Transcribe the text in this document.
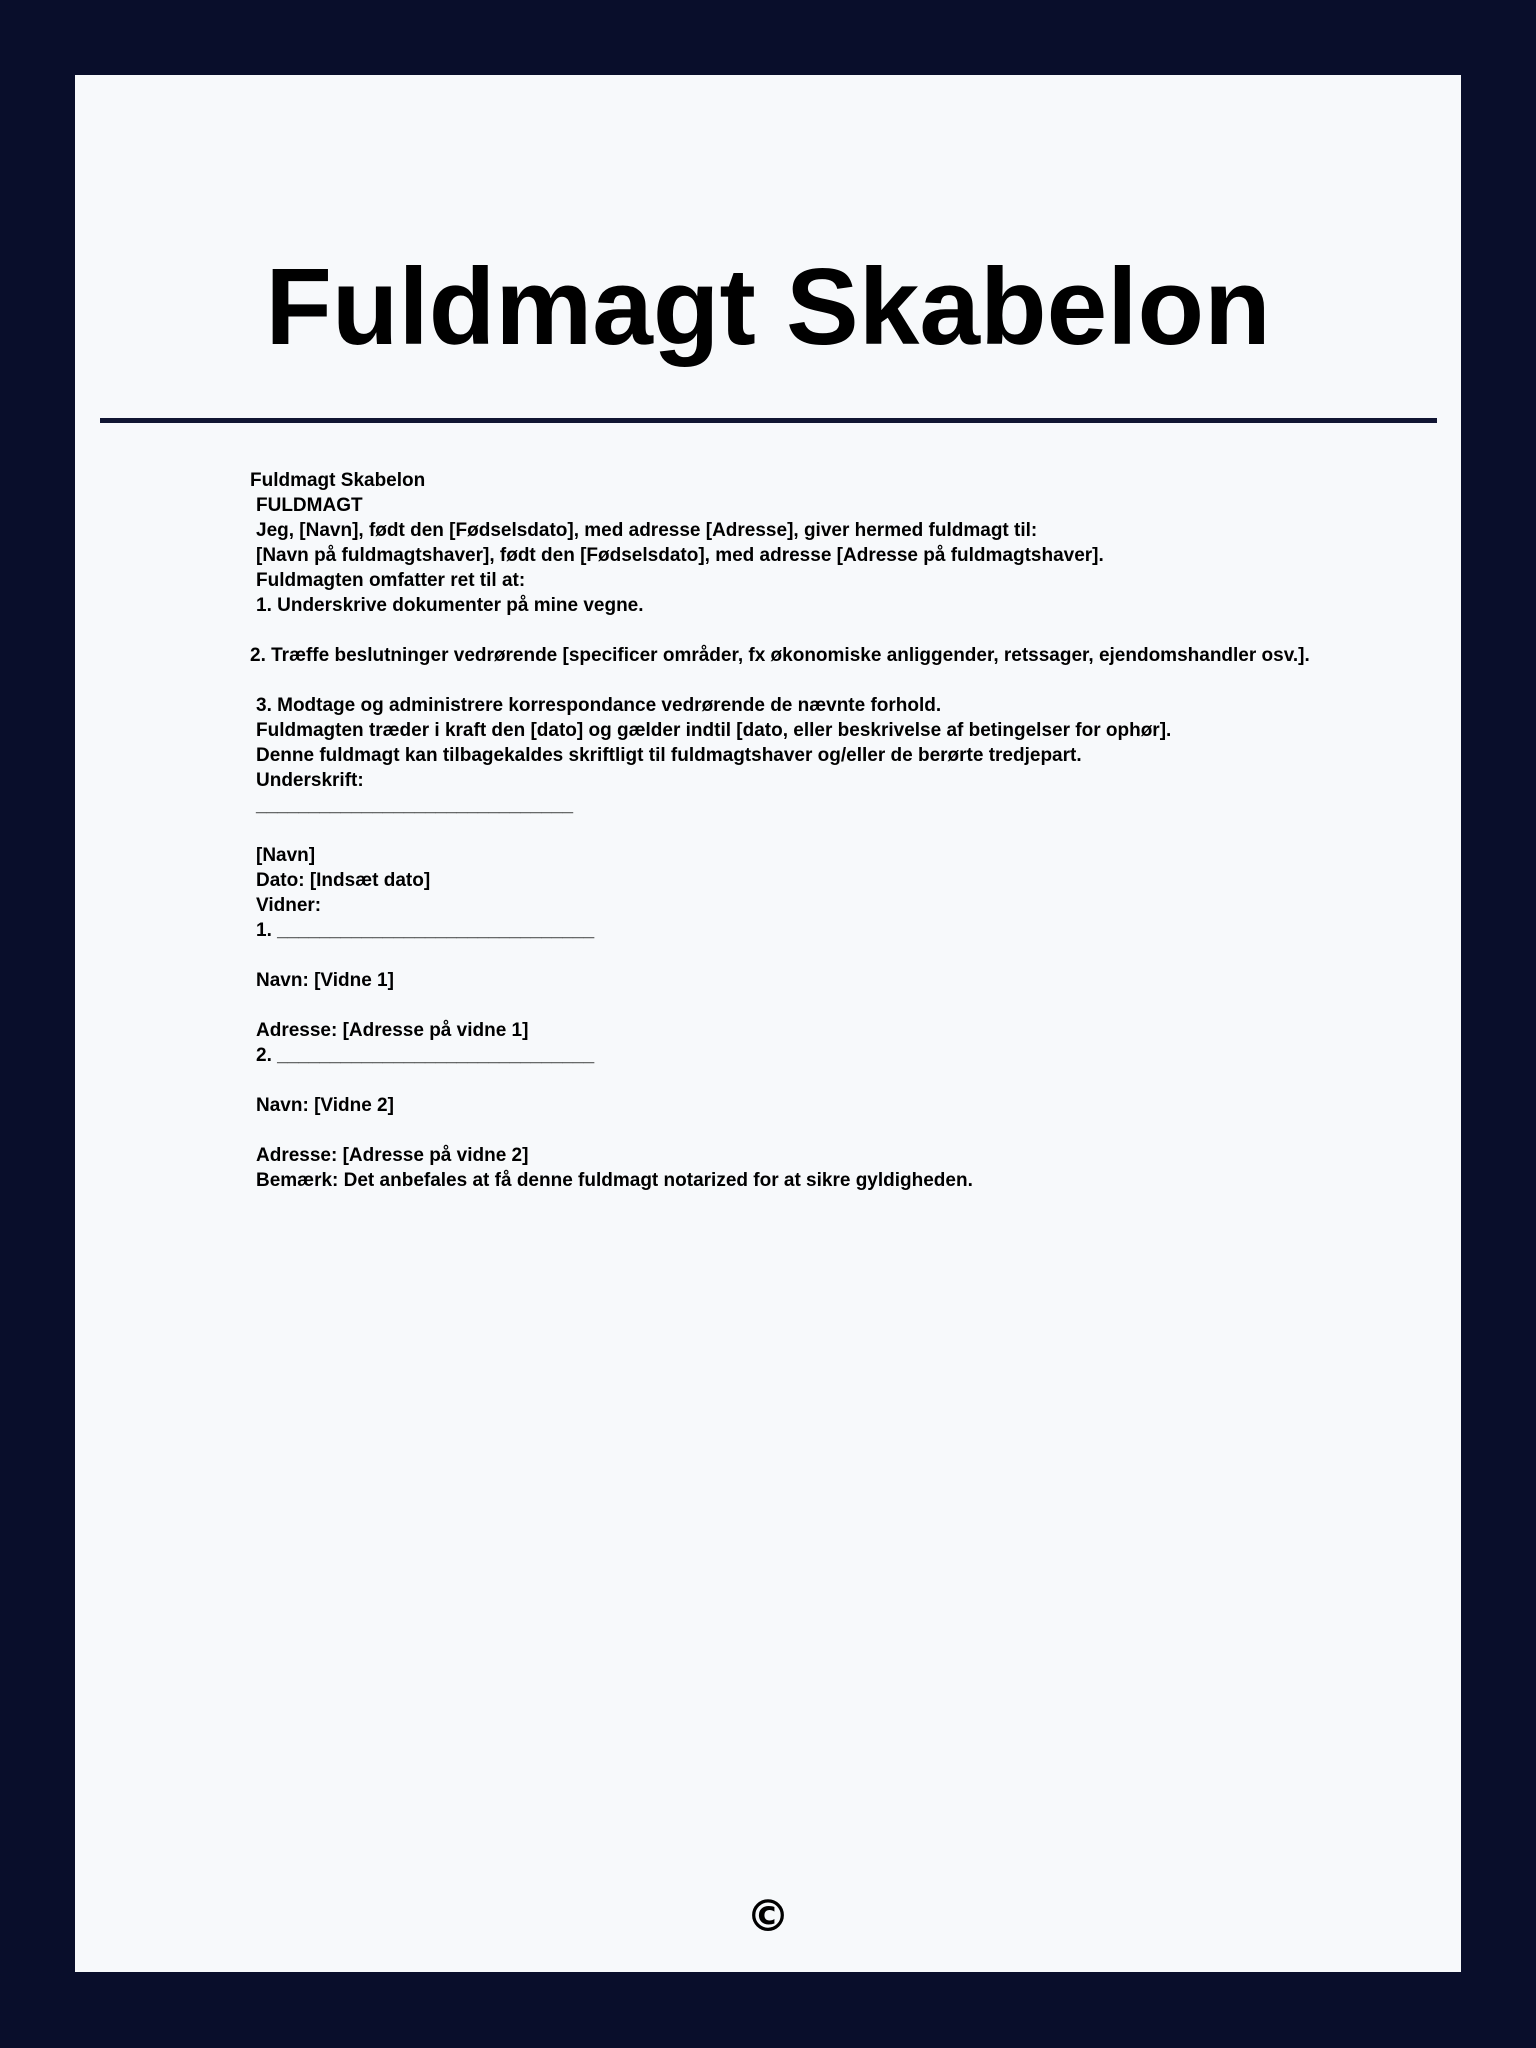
Fuldmagt Skabelon
Fuldmagt Skabelon
FULDMAGT
Jeg, [Navn], født den [Fødselsdato], med adresse [Adresse], giver hermed fuldmagt til:
[Navn på fuldmagtshaver], født den [Fødselsdato], med adresse [Adresse på fuldmagtshaver].
Fuldmagten omfatter ret til at:
1. Underskrive dokumenter på mine vegne.
2. Træffe beslutninger vedrørende [specificer områder, fx økonomiske anliggender, retssager, ejendomshandler osv.].
3. Modtage og administrere korrespondance vedrørende de nævnte forhold.
Fuldmagten træder i kraft den [dato] og gælder indtil [dato, eller beskrivelse af betingelser for ophør].
Denne fuldmagt kan tilbagekaldes skriftligt til fuldmagtshaver og/eller de berørte tredjepart.
Underskrift:
______________________________
[Navn]
Dato: [Indsæt dato]
Vidner:
1. ______________________________
Navn: [Vidne 1]
Adresse: [Adresse på vidne 1]
2. ______________________________
Navn: [Vidne 2]
Adresse: [Adresse på vidne 2]
Bemærk: Det anbefales at få denne fuldmagt notarized for at sikre gyldigheden.
©
